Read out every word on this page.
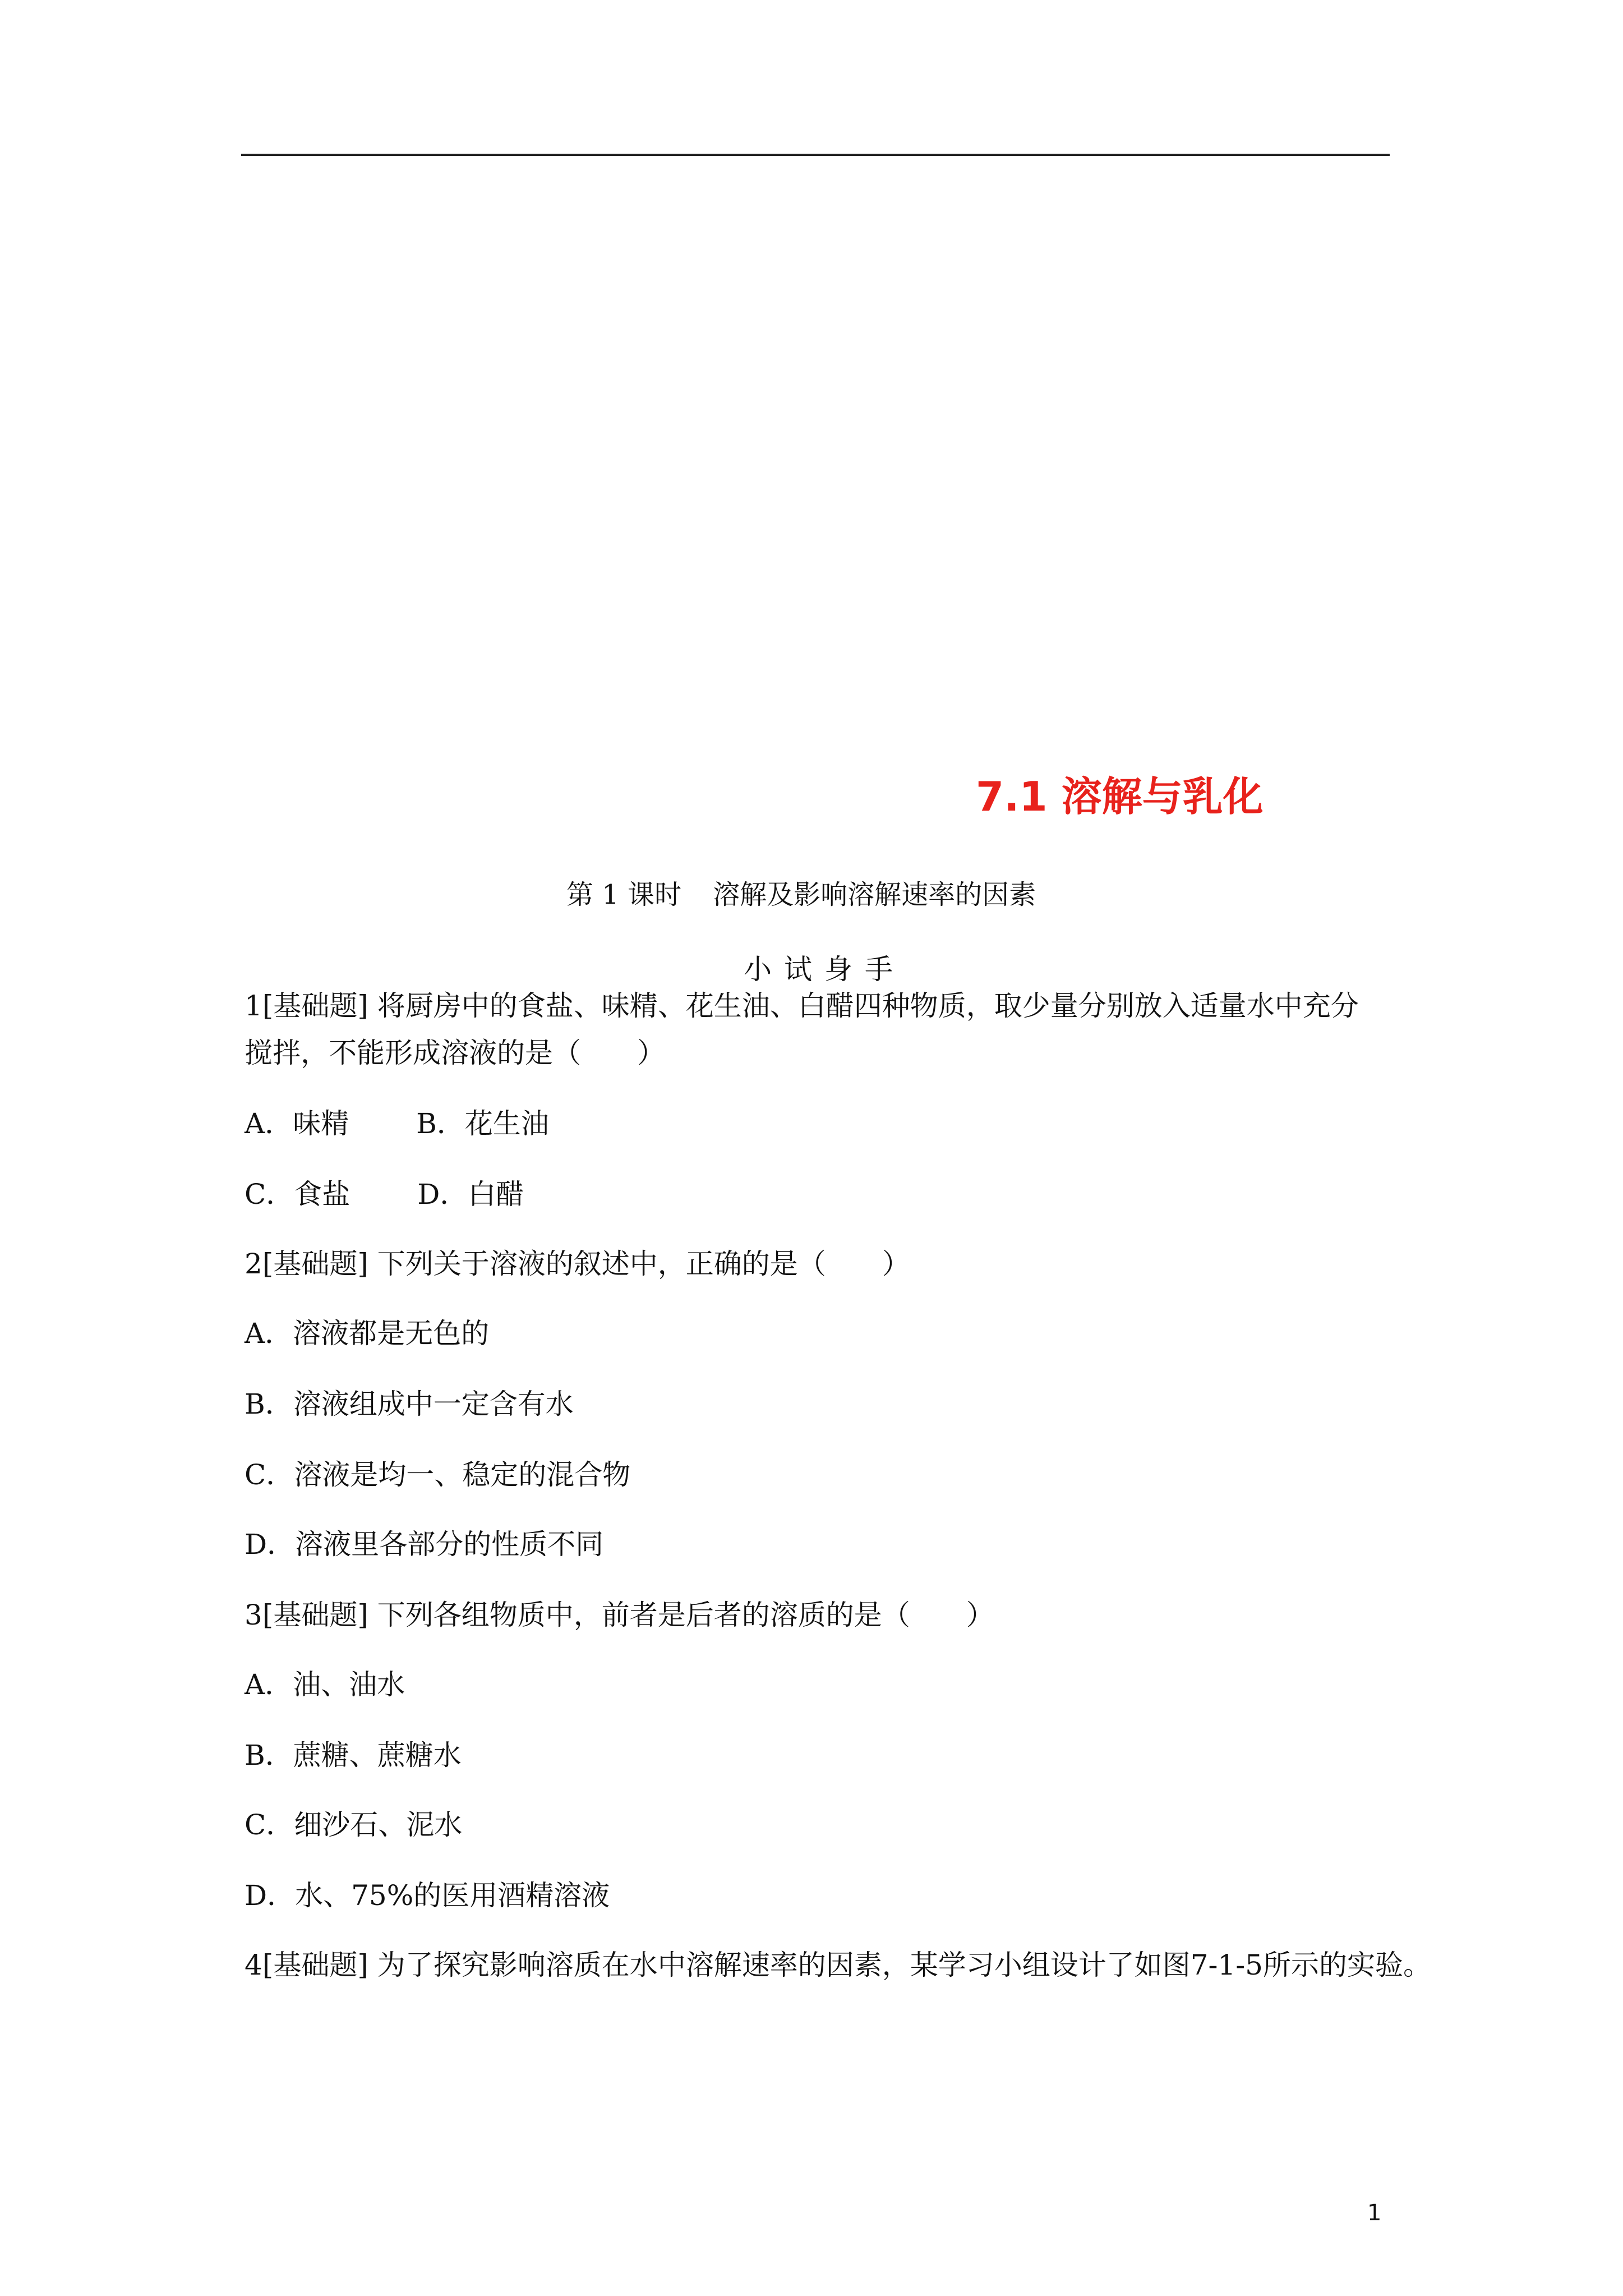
7.1 溶解与乳化
第 1 课时 溶解及影响溶解速率的因素
小试身手
1[基础题] 将厨房中的食盐、味精、花生油、白醋四种物质，取少量分别放入适量水中充分
搅拌，不能形成溶液的是（　　）
A．味精 B．花生油
C．食盐 D．白醋
2[基础题] 下列关于溶液的叙述中，正确的是（　　）
A．溶液都是无色的
B．溶液组成中一定含有水
C．溶液是均一、稳定的混合物
D．溶液里各部分的性质不同
3[基础题] 下列各组物质中，前者是后者的溶质的是（　　）
A．油、油水
B．蔗糖、蔗糖水
C．细沙石、泥水
D．水、75%的医用酒精溶液
4[基础题] 为了探究影响溶质在水中溶解速率的因素，某学习小组设计了如图7-1-5所示的实验。
1
